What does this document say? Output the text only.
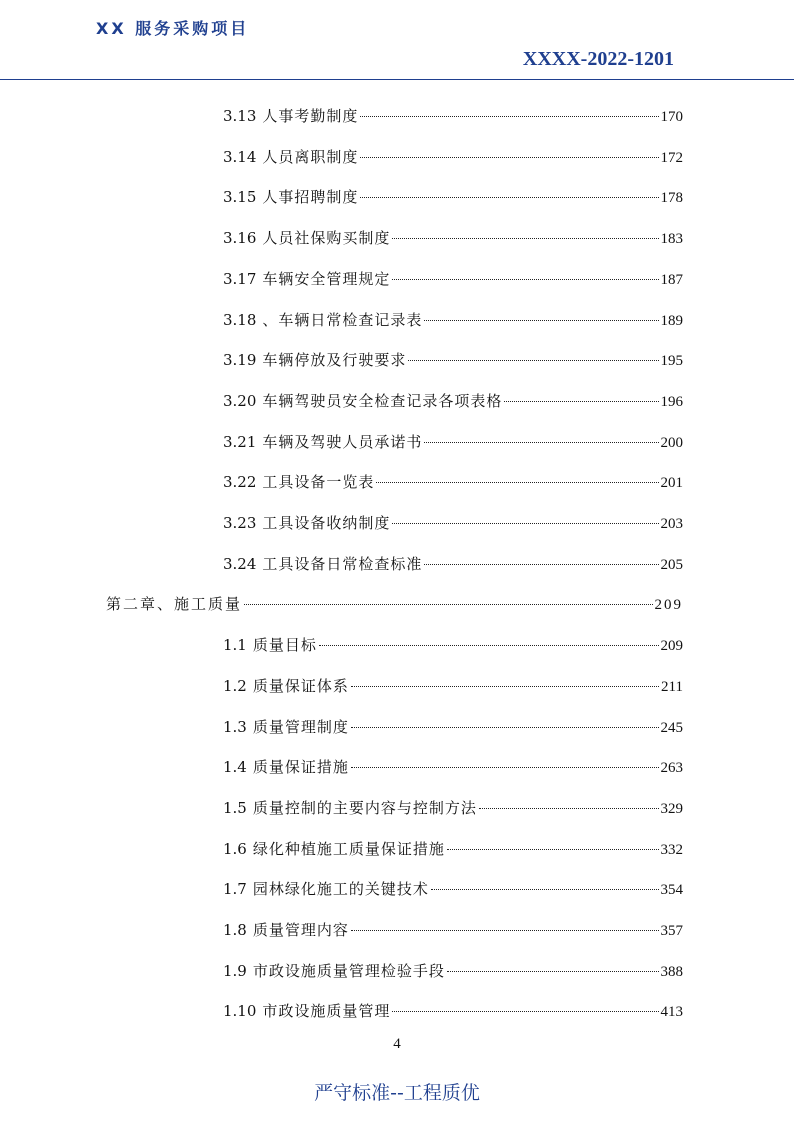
XX 服务采购项目
XXXX-2022-1201
3.13 人事考勤制度	170
3.14 人员离职制度	172
3.15 人事招聘制度	178
3.16 人员社保购买制度	183
3.17 车辆安全管理规定	187
3.18 、车辆日常检查记录表	189
3.19 车辆停放及行驶要求	195
3.20 车辆驾驶员安全检查记录各项表格	196
3.21 车辆及驾驶人员承诺书	200
3.22 工具设备一览表	201
3.23 工具设备收纳制度	203
3.24 工具设备日常检查标准	205
第二章、 施工质量	209
1.1 质量目标	209
1.2 质量保证体系	211
1.3 质量管理制度	245
1.4 质量保证措施	263
1.5 质量控制的主要内容与控制方法	329
1.6 绿化种植施工质量保证措施	332
1.7 园林绿化施工的关键技术	354
1.8 质量管理内容	357
1.9 市政设施质量管理检验手段	388
1.10 市政设施质量管理	413
4
严守标准--工程质优
